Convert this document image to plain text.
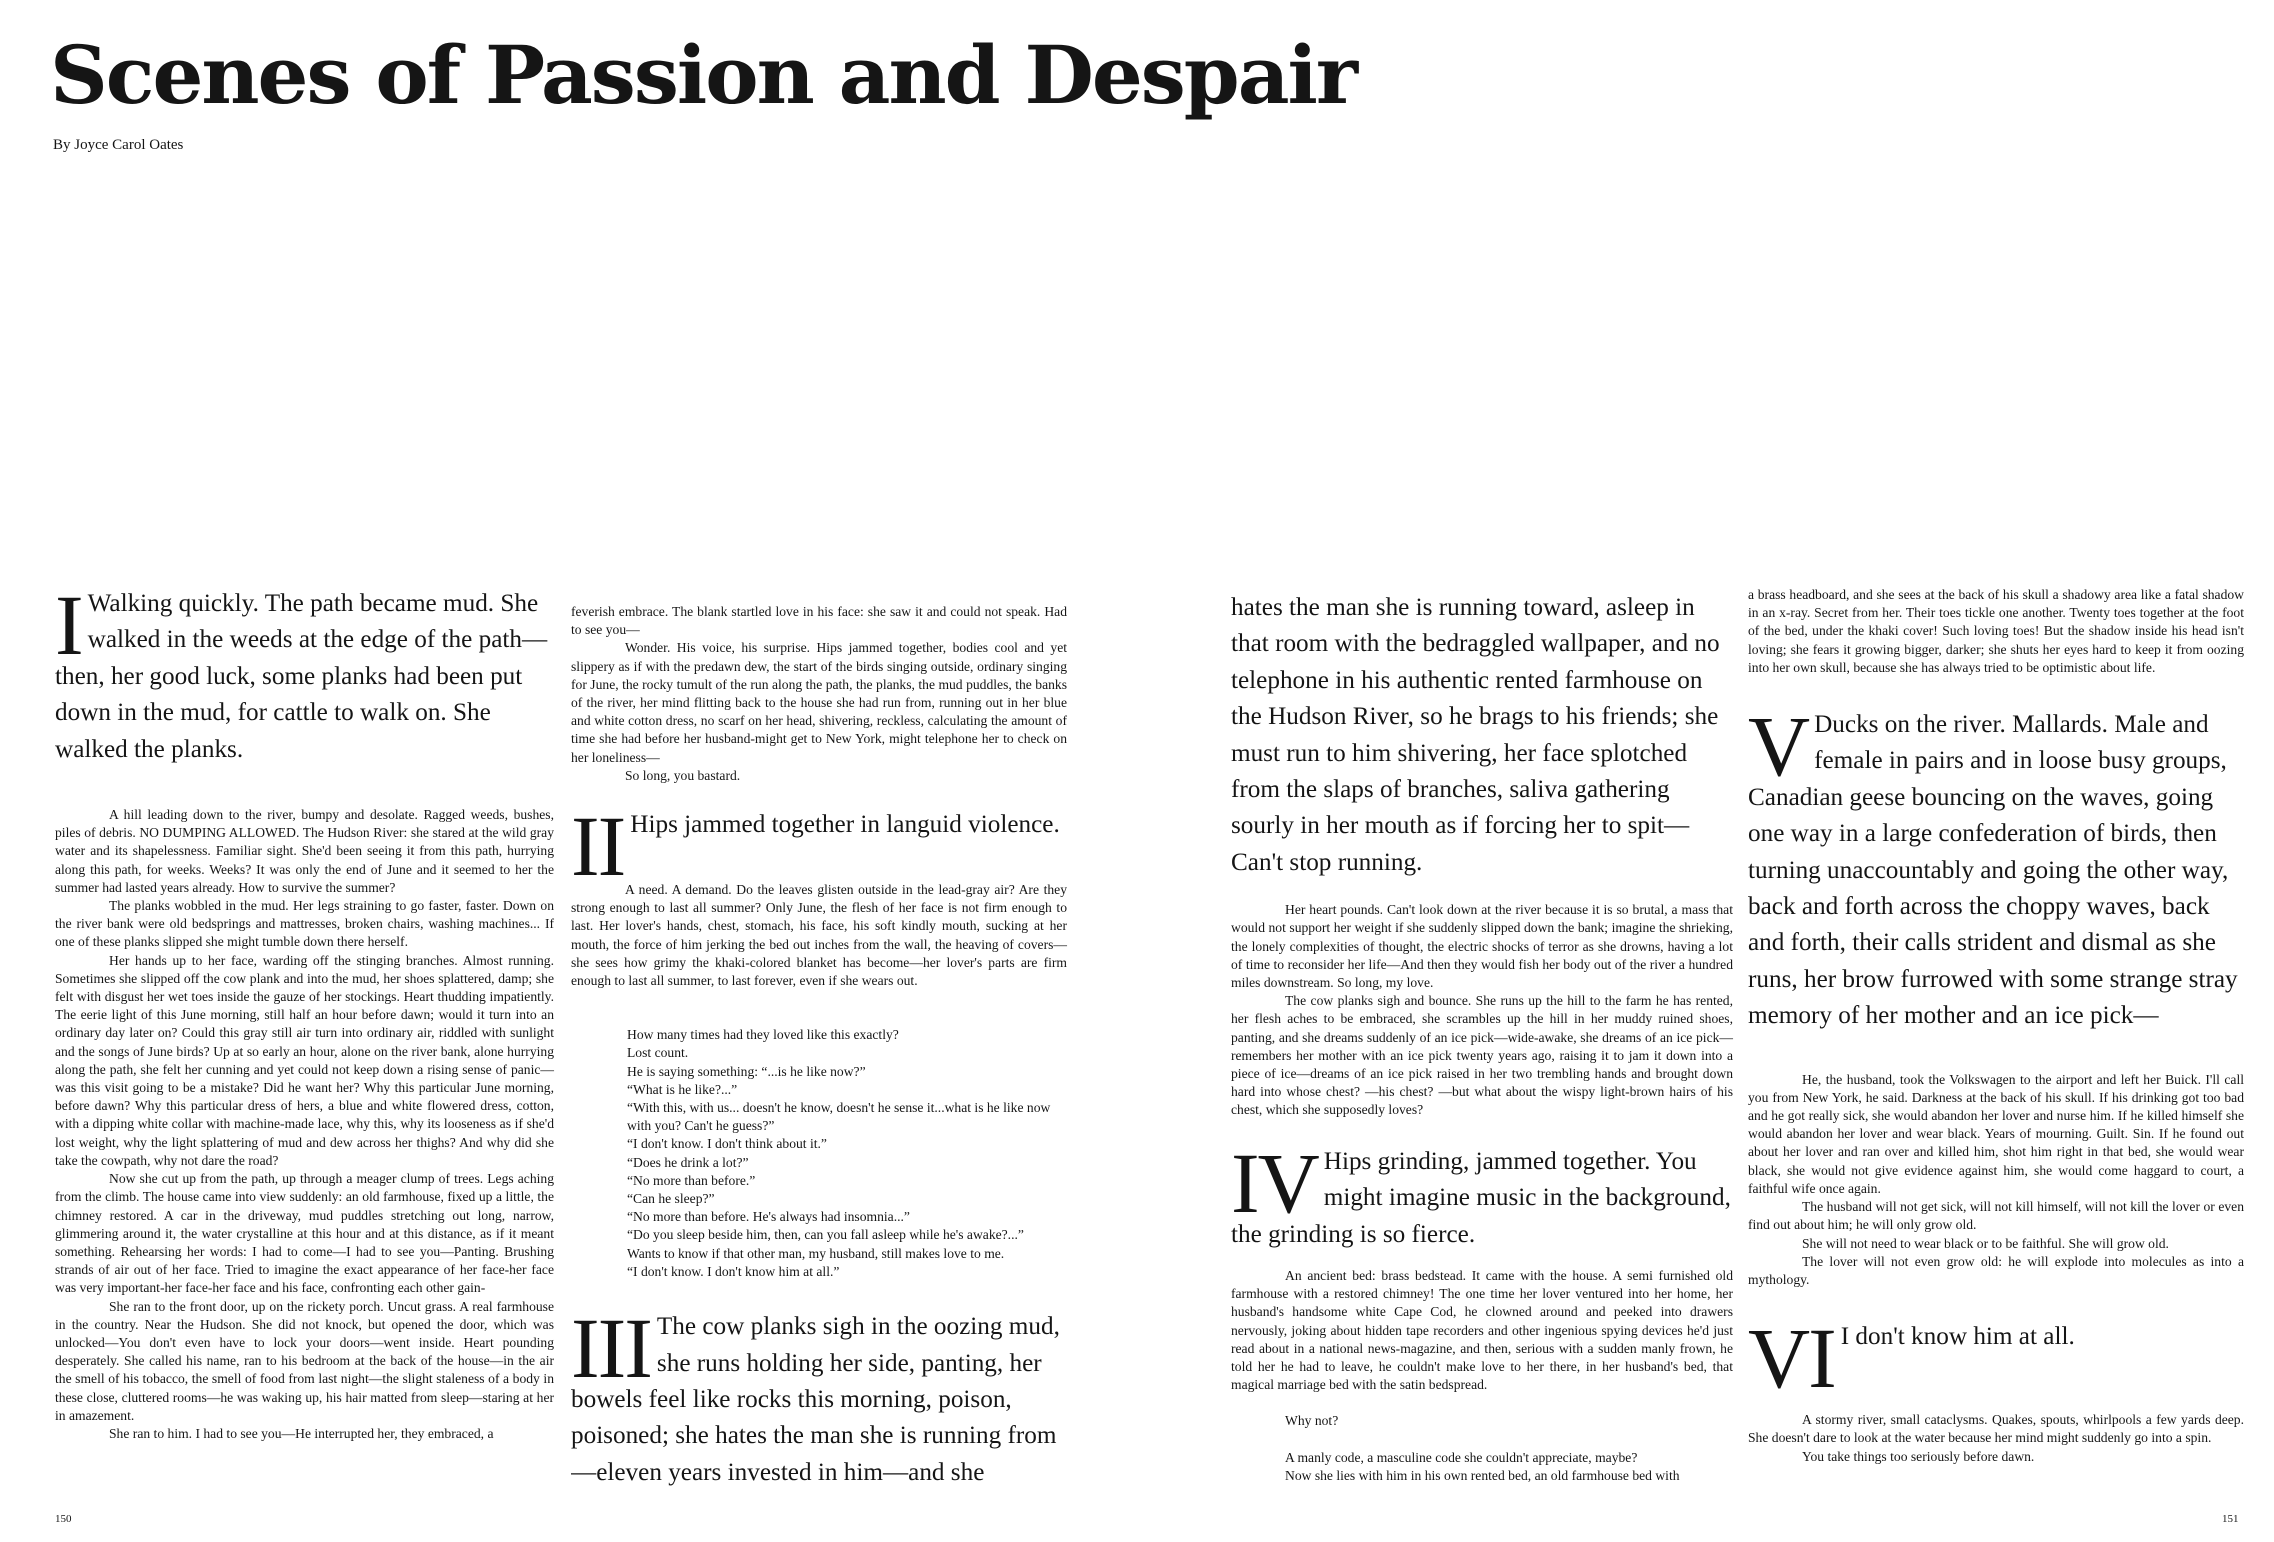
Scenes of Passion and Despair
By Joyce Carol Oates
I Walking quickly. The path became mud. She walked in the weeds at the edge of the path—then, her good luck, some planks had been put down in the mud, for cattle to walk on. She walked the planks.

A hill leading down to the river, bumpy and desolate. Ragged weeds, bushes, piles of debris. NO DUMPING ALLOWED. The Hudson River: she stared at the wild gray water and its shapelessness. Familiar sight. She'd been seeing it from this path, hurrying along this path, for weeks. Weeks? It was only the end of June and it seemed to her the summer had lasted years already. How to survive the summer?

The planks wobbled in the mud. Her legs straining to go faster, faster. Down on the river bank were old bedsprings and mattresses, broken chairs, washing machines... If one of these planks slipped she might tumble down there herself.

Her hands up to her face, warding off the stinging branches. Almost running. Sometimes she slipped off the cow plank and into the mud, her shoes splattered, damp; she felt with disgust her wet toes inside the gauze of her stockings. Heart thudding impatiently. The eerie light of this June morning, still half an hour before dawn; would it turn into an ordinary day later on? Could this gray still air turn into ordinary air, riddled with sunlight and the songs of June birds? Up at so early an hour, alone on the river bank, alone hurrying along the path, she felt her cunning and yet could not keep down a rising sense of panic—was this visit going to be a mistake? Did he want her? Why this particular June morning, before dawn? Why this particular dress of hers, a blue and white flowered dress, cotton, with a dipping white collar with machine-made lace, why this, why its looseness as if she'd lost weight, why the light splattering of mud and dew across her thighs? And why did she take the cowpath, why not dare the road?

Now she cut up from the path, up through a meager clump of trees. Legs aching from the climb. The house came into view suddenly: an old farmhouse, fixed up a little, the chimney restored. A car in the driveway, mud puddles stretching out long, narrow, glimmering around it, the water crystalline at this hour and at this distance, as if it meant something. Rehearsing her words: I had to come—I had to see you—Panting. Brushing strands of air out of her face. Tried to imagine the exact appearance of her face-her face was very important-her face-her face and his face, confronting each other gain-

She ran to the front door, up on the rickety porch. Uncut grass. A real farmhouse in the country. Near the Hudson. She did not knock, but opened the door, which was unlocked—You don't even have to lock your doors—went inside. Heart pounding desperately. She called his name, ran to his bedroom at the back of the house—in the air the smell of his tobacco, the smell of food from last night—the slight staleness of a body in these close, cluttered rooms—he was waking up, his hair matted from sleep—staring at her in amazement.

She ran to him. I had to see you—He interrupted her, they embraced, a

feverish embrace. The blank startled love in his face: she saw it and could not speak. Had to see you—

Wonder. His voice, his surprise. Hips jammed together, bodies cool and yet slippery as if with the predawn dew, the start of the birds singing outside, ordinary singing for June, the rocky tumult of the run along the path, the planks, the mud puddles, the banks of the river, her mind flitting back to the house she had run from, running out in her blue and white cotton dress, no scarf on her head, shivering, reckless, calculating the amount of time she had before her husband-might get to New York, might telephone her to check on her loneliness—

So long, you bastard.

II Hips jammed together in languid violence.

A need. A demand. Do the leaves glisten outside in the lead-gray air? Are they strong enough to last all summer? Only June, the flesh of her face is not firm enough to last. Her lover's hands, chest, stomach, his face, his soft kindly mouth, sucking at her mouth, the force of him jerking the bed out inches from the wall, the heaving of covers—she sees how grimy the khaki-colored blanket has become—her lover's parts are firm enough to last all summer, to last forever, even if she wears out.

How many times had they loved like this exactly?

Lost count.

He is saying something: “...is he like now?”

“What is he like?...”

“With this, with us... doesn't he know, doesn't he sense it...what is he like now with you? Can't he guess?”

“I don't know. I don't think about it.”

“Does he drink a lot?”

“No more than before.”

“Can he sleep?”

“No more than before. He's always had insomnia...”

“Do you sleep beside him, then, can you fall asleep while he's awake?...”

Wants to know if that other man, my husband, still makes love to me.

“I don't know. I don't know him at all.”

III The cow planks sigh in the oozing mud, she runs holding her side, panting, her bowels feel like rocks this morning, poison, poisoned; she hates the man she is running from—eleven years invested in him—and she
hates the man she is running toward, asleep in that room with the bedraggled wallpaper, and no telephone in his authentic rented farmhouse on the Hudson River, so he brags to his friends; she must run to him shivering, her face splotched from the slaps of branches, saliva gathering sourly in her mouth as if forcing her to spit—Can't stop running.

Her heart pounds. Can't look down at the river because it is so brutal, a mass that would not support her weight if she suddenly slipped down the bank; imagine the shrieking, the lonely complexities of thought, the electric shocks of terror as she drowns, having a lot of time to reconsider her life—And then they would fish her body out of the river a hundred miles downstream. So long, my love.

The cow planks sigh and bounce. She runs up the hill to the farm he has rented, her flesh aches to be embraced, she scrambles up the hill in her muddy ruined shoes, panting, and she dreams suddenly of an ice pick—wide-awake, she dreams of an ice pick—remembers her mother with an ice pick twenty years ago, raising it to jam it down into a piece of ice—dreams of an ice pick raised in her two trembling hands and brought down hard into whose chest? —his chest? —but what about the wispy light-brown hairs of his chest, which she supposedly loves?

IV Hips grinding, jammed together. You might imagine music in the background, the grinding is so fierce.

An ancient bed: brass bedstead. It came with the house. A semi furnished old farmhouse with a restored chimney! The one time her lover ventured into her home, her husband's handsome white Cape Cod, he clowned around and peeked into drawers nervously, joking about hidden tape recorders and other ingenious spying devices he'd just read about in a national news-magazine, and then, serious with a sudden manly frown, he told her he had to leave, he couldn't make love to her there, in her husband's bed, that magical marriage bed with the satin bedspread.

Why not?

A manly code, a masculine code she couldn't appreciate, maybe?

Now she lies with him in his own rented bed, an old farmhouse bed with

a brass headboard, and she sees at the back of his skull a shadowy area like a fatal shadow in an x-ray. Secret from her. Their toes tickle one another. Twenty toes together at the foot of the bed, under the khaki cover! Such loving toes! But the shadow inside his head isn't loving; she fears it growing bigger, darker; she shuts her eyes hard to keep it from oozing into her own skull, because she has always tried to be optimistic about life.

V Ducks on the river. Mallards. Male and female in pairs and in loose busy groups, Canadian geese bouncing on the waves, going one way in a large confederation of birds, then turning unaccountably and going the other way, back and forth across the choppy waves, back and forth, their calls strident and dismal as she runs, her brow furrowed with some strange stray memory of her mother and an ice pick—

He, the husband, took the Volkswagen to the airport and left her Buick. I'll call you from New York, he said. Darkness at the back of his skull. If his drinking got too bad and he got really sick, she would abandon her lover and nurse him. If he killed himself she would abandon her lover and wear black. Years of mourning. Guilt. Sin. If he found out about her lover and ran over and killed him, shot him right in that bed, she would wear black, she would not give evidence against him, she would come haggard to court, a faithful wife once again.

The husband will not get sick, will not kill himself, will not kill the lover or even find out about him; he will only grow old.

She will not need to wear black or to be faithful. She will grow old.

The lover will not even grow old: he will explode into molecules as into a mythology.

VI I don't know him at all.

A stormy river, small cataclysms. Quakes, spouts, whirlpools a few yards deep. She doesn't dare to look at the water because her mind might suddenly go into a spin.

You take things too seriously before dawn.

150	151
